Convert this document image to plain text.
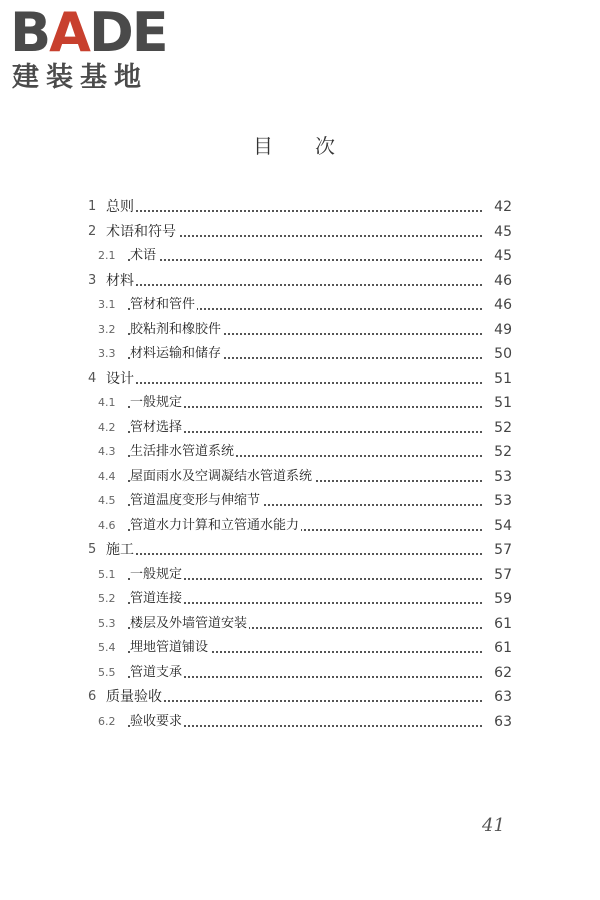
BADE
建装基地
目次
1 总则	42
2 术语和符号	45
2.1 术语	45
3 材料	46
3.1 管材和管件	46
3.2 胶粘剂和橡胶件	49
3.3 材料运输和储存	50
4 设计	51
4.1 一般规定	51
4.2 管材选择	52
4.3 生活排水管道系统	52
4.4 屋面雨水及空调凝结水管道系统	53
4.5 管道温度变形与伸缩节	53
4.6 管道水力计算和立管通水能力	54
5 施工	57
5.1 一般规定	57
5.2 管道连接	59
5.3 楼层及外墙管道安装	61
5.4 埋地管道铺设	61
5.5 管道支承	62
6 质量验收	63
6.2 验收要求	63
41
